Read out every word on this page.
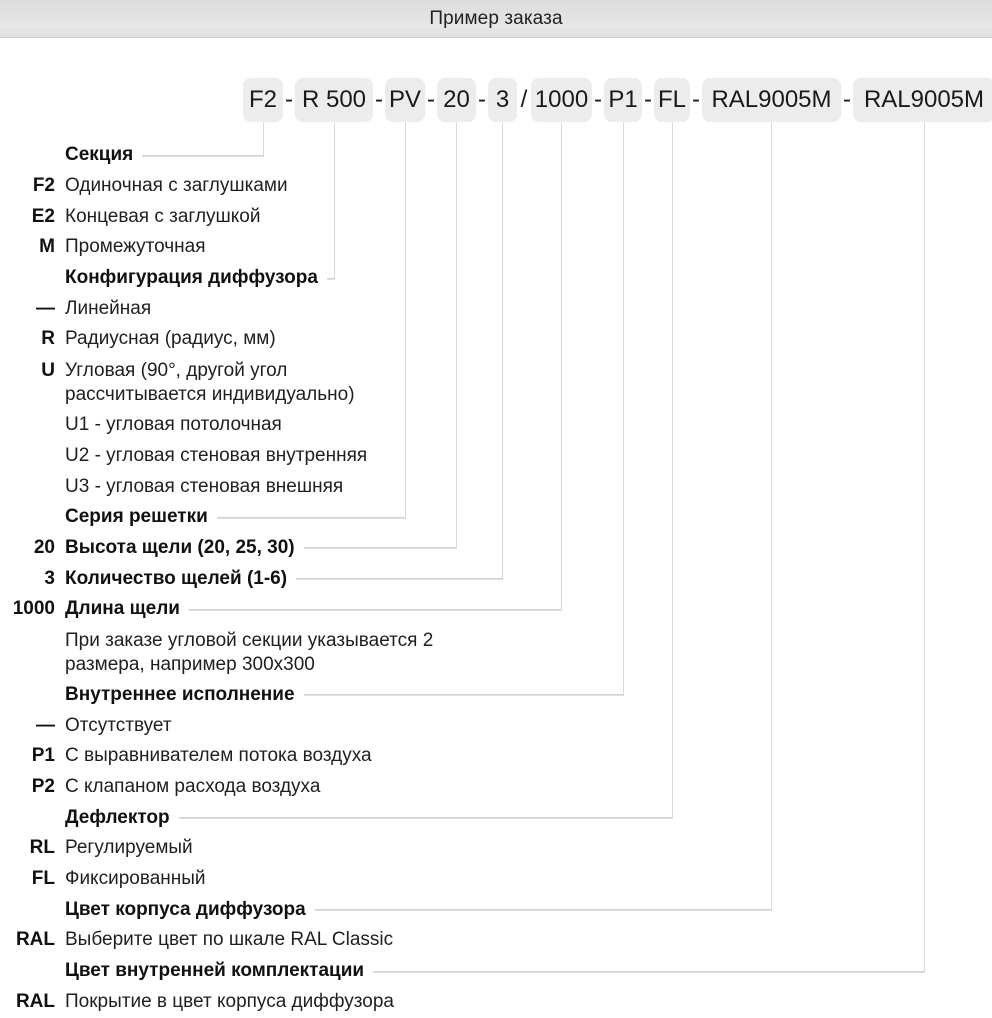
Пример заказа
F2 - R 500 - PV - 20 - 3 / 1000 - P1 - FL - RAL9005M - RAL9005M
Секция
F2 Одиночная с заглушками
E2 Концевая с заглушкой
M Промежуточная
Конфигурация диффузора
— Линейная
R Радиусная (радиус, мм)
U Угловая (90°, другой угол
рассчитывается индивидуально)
U1 - угловая потолочная
U2 - угловая стеновая внутренняя
U3 - угловая стеновая внешняя
Серия решетки
20 Высота щели (20, 25, 30)
3 Количество щелей (1-6)
1000 Длина щели
При заказе угловой секции указывается 2
размера, например 300х300
Внутреннее исполнение
— Отсутствует
P1 С выравнивателем потока воздуха
P2 С клапаном расхода воздуха
Дефлектор
RL Регулируемый
FL Фиксированный
Цвет корпуса диффузора
RAL Выберите цвет по шкале RAL Classic
Цвет внутренней комплектации
RAL Покрытие в цвет корпуса диффузора
